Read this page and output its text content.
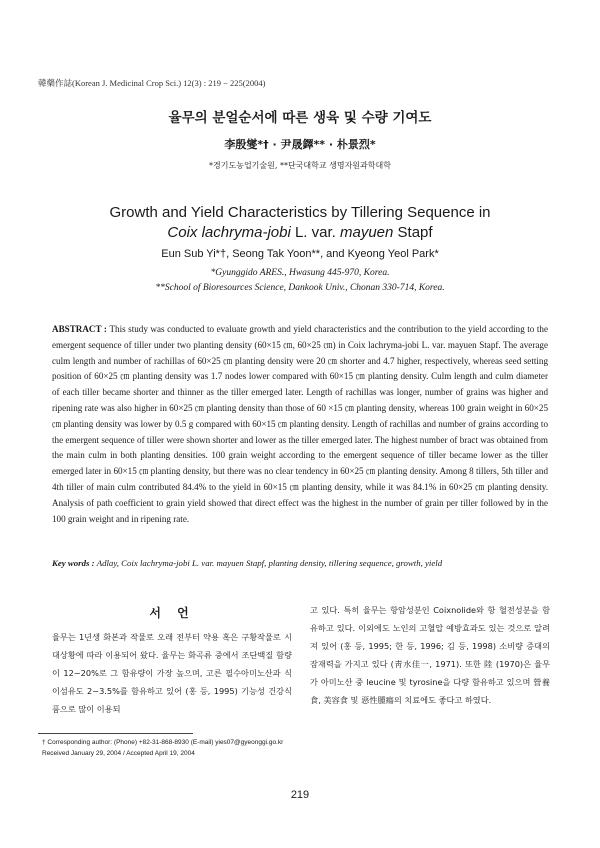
韓藥作誌(Korean J. Medicinal Crop Sci.) 12(3) : 219 − 225(2004)
율무의 분얼순서에 따른 생육 및 수량 기여도
李殷燮*† · 尹晟鐸** · 朴景烈*
*경기도농업기술원, **단국대학교 생명자원과학대학
Growth and Yield Characteristics by Tillering Sequence in
Coix lachryma-jobi L. var. mayuen Stapf
Eun Sub Yi*†, Seong Tak Yoon**, and Kyeong Yeol Park*
*Gyunggido ARES., Hwasung 445-970, Korea.
**School of Bioresources Science, Dankook Univ., Chonan 330-714, Korea.
ABSTRACT : This study was conducted to evaluate growth and yield characteristics and the contribution to the yield according to the emergent sequence of tiller under two planting density (60×15 ㎝, 60×25 ㎝) in Coix lachryma-jobi L. var. mayuen Stapf. The average culm length and number of rachillas of 60×25 ㎝ planting density were 20 ㎝ shorter and 4.7 higher, respectively, whereas seed setting position of 60×25 ㎝ planting density was 1.7 nodes lower compared with 60×15 ㎝ planting density. Culm length and culm diameter of each tiller became shorter and thinner as the tiller emerged later. Length of rachillas was longer, number of grains was higher and ripening rate was also higher in 60×25 ㎝ planting density than those of 60 ×15 ㎝ planting density, whereas 100 grain weight in 60×25 ㎝ planting density was lower by 0.5 g compared with 60×15 ㎝ planting density. Length of rachillas and number of grains according to the emergent sequence of tiller were shown shorter and lower as the tiller emerged later. The highest number of bract was obtained from the main culm in both planting densities. 100 grain weight according to the emergent sequence of tiller became lower as the tiller emerged later in 60×15 ㎝ planting density, but there was no clear tendency in 60×25 ㎝ planting density. Among 8 tillers, 5th tiller and 4th tiller of main culm contributed 84.4% to the yield in 60×15 ㎝ planting density, while it was 84.1% in 60×25 ㎝ planting density. Analysis of path coefficient to grain yield showed that direct effect was the highest in the number of grain per tiller followed by in the 100 grain weight and in ripening rate.
Key words : Adlay, Coix lachryma-jobi L. var. mayuen Stapf, planting density, tillering sequence, growth, yield
서 언
율무는 1년생 화본과 작물로 오래 전부터 약용 혹은 구황작물로 시대상황에 따라 이용되어 왔다. 율무는 화곡류 중에서 조단백질 함량이 12∼20%로 그 함유량이 가장 높으며, 고른 필수아미노산과 식이섬유도 2∼3.5%를 함유하고 있어 (홍 등, 1995) 기능성 건강식품으로 많이 이용되
고 있다. 특히 율무는 항암성분인 Coixnolide와 항 혈전성분을 함유하고 있다. 이외에도 노인의 고혈압 예방효과도 있는 것으로 알려져 있어 (홍 등, 1995; 한 등, 1996; 김 등, 1998) 소비량 증대의 잠재력을 가지고 있다 (靑水佳一, 1971). 또한 陸 (1970)은 율무가 아미노산 중 leucine 및 tyrosine을 다량 함유하고 있으며 營養食, 美容食 및 惡性腫瘍의 치료에도 좋다고 하였다.
† Corresponding author: (Phone) +82-31-868-8930 (E-mail) yies07@gyeonggi.go.kr
Received January 29, 2004 / Accepted April 19, 2004
219
